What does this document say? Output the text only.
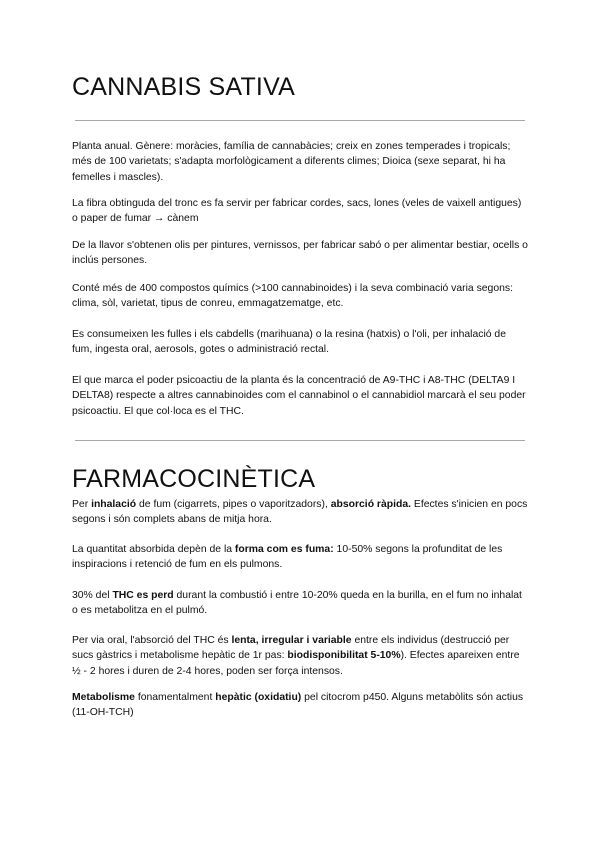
CANNABIS SATIVA

Planta anual. Gènere: moràcies, família de cannabàcies; creix en zones temperades i tropicals; més de 100 varietats; s'adapta morfològicament a diferents climes; Dioica (sexe separat, hi ha femelles i mascles).

La fibra obtinguda del tronc es fa servir per fabricar cordes, sacs, lones (veles de vaixell antigues) o paper de fumar → cànem

De la llavor s'obtenen olis per pintures, vernissos, per fabricar sabó o per alimentar bestiar, ocells o inclús persones.

Conté més de 400 compostos químics (>100 cannabinoides) i la seva combinació varia segons: clima, sòl, varietat, tipus de conreu, emmagatzematge, etc.

Es consumeixen les fulles i els cabdells (marihuana) o la resina (hatxis) o l'oli, per inhalació de fum, ingesta oral, aerosols, gotes o administració rectal.

El que marca el poder psicoactiu de la planta és la concentració de A9-THC i A8-THC (DELTA9 I DELTA8) respecte a altres cannabinoides com el cannabinol o el cannabidiol marcarà el seu poder psicoactiu. El que col·loca es el THC.

FARMACOCINÈTICA

Per inhalació de fum (cigarrets, pipes o vaporitzadors), absorció ràpida. Efectes s'inicien en pocs segons i són complets abans de mitja hora.

La quantitat absorbida depèn de la forma com es fuma: 10-50% segons la profunditat de les inspiracions i retenció de fum en els pulmons.

30% del THC es perd durant la combustió i entre 10-20% queda en la burilla, en el fum no inhalat o es metabolitza en el pulmó.

Per via oral, l'absorció del THC és lenta, irregular i variable entre els individus (destrucció per sucs gàstrics i metabolisme hepàtic de 1r pas: biodisponibilitat 5-10%). Efectes apareixen entre ½ - 2 hores i duren de 2-4 hores, poden ser força intensos.

Metabolisme fonamentalment hepàtic (oxidatiu) pel citocrom p450. Alguns metabòlits són actius (11-OH-TCH)
